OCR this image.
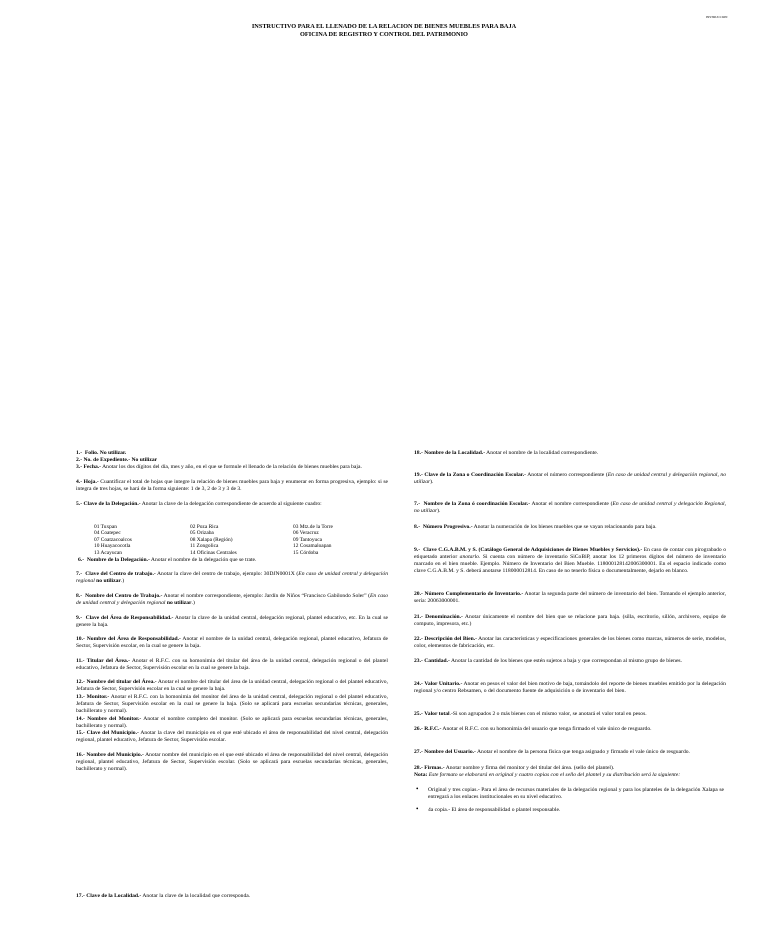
INSTRUCCION
INSTRUCTIVO PARA EL LLENADO DE LA RELACION DE BIENES MUEBLES PARA BAJA
OFICINA DE REGISTRO Y CONTROL DEL PATRIMONIO
1.- Folio. No utilizar.
2.- No. de Expediente.- No utilizar
3.- Fecha.- Anotar los dos dígitos del día, mes y año, en el que se formule el llenado de la relación de bienes muebles para baja.
4.- Hoja.- Cuantificar el total de hojas que integre la relación de bienes muebles para baja y enumerar en forma progresiva, ejemplo: si se integra de tres hojas, se hará de la forma siguiente: 1 de 3, 2 de 3 y 3 de 3.
5.- Clave de la Delegación.- Anotar la clave de la delegación correspondiente de acuerdo al siguiente cuadro:
01 Tuxpan
04 Coatepec
07 Coatzacoalcos
10 Huayacocotla
13 Acayucan
02 Poza Rica
05 Orizaba
08 Xalapa (Región)
11 Zongolica
14 Oficinas Centrales
03 Mtz.de la Torre
06 Veracruz
09 Tantoyuca
12 Cosamaloapan
15 Córdoba
6.- Nombre de la Delegación.- Anotar el nombre de la delegación que se trate.
7.- Clave del Centro de trabajo.- Anotar la clave del centro de trabajo, ejemplo: 30DJN0001X (En caso de unidad central y delegación regional no utilizar.)
8.- Nombre del Centro de Trabajo.- Anotar el nombre correspondiente, ejemplo: Jardín de Niños “Francisco Gabilondo Soler” (En caso de unidad central y delegación regional no utilizar.)
9.- Clave del Área de Responsabilidad.- Anotar la clave de la unidad central, delegación regional, plantel educativo, etc. En la cual se genere la baja.
10.- Nombre del Área de Responsabilidad.- Anotar el nombre de la unidad central, delegación regional, plantel educativo, Jefatura de Sector, Supervisión escolar, en la cual se genere la baja.
11.- Titular del Área.- Anotar el R.F.C. con su homonimia del titular del área de la unidad central, delegación regional o del plantel educativo, Jefatura de Sector, Supervisión escolar en la cual se genere la baja.
12.- Nombre del titular del Área.- Anotar el nombre del titular del área de la unidad central, delegación regional o del plantel educativo, Jefatura de Sector, Supervisión escolar en la cual se genere la baja.
13.- Monitor.- Anotar el R.F.C. con la homonimia del monitor del área de la unidad central, delegación regional o del plantel educativo, Jefatura de Sector, Supervisión escolar en la cual se genere la baja. (Solo se aplicará para escuelas secundarias técnicas, generales, bachillerato y normal).
14.- Nombre del Monitor.- Anotar el nombre completo del monitor. (Solo se aplicará para escuelas secundarias técnicas, generales, bachillerato y normal).
15.- Clave del Municipio.- Anotar la clave del municipio en el que esté ubicado el área de responsabilidad del nivel central, delegación regional, plantel educativo, Jefatura de Sector, Supervisión escolar.
16.- Nombre del Municipio.- Anotar nombre del municipio en el que esté ubicado el área de responsabilidad del nivel central, delegación regional, plantel educativo, Jefatura de Sector, Supervisión escolar. (Solo se aplicará para escuelas secundarias técnicas, generales, bachillerato y normal).
17.- Clave de la Localidad.- Anotar la clave de la localidad que corresponda.
18.- Nombre de la Localidad.- Anotar el nombre de la localidad correspondiente.
19.- Clave de la Zona o Coordinación Escolar.- Anotar el número correspondiente (En caso de unidad central y delegación regional, no utilizar).
7.- Nombre de la Zona ó coordinación Escolar.- Anotar el nombre correspondiente (En caso de unidad central y delegación Regional, no utilizar).
8.- Número Progresivo.- Anotar la numeración de los bienes muebles que se vayan relacionando para baja.
9.- Clave C.G.A.B.M. y S. (Catálogo General de Adquisiciones de Bienes Muebles y Servicios).- En caso de contar con pirograbado o etiquetado anterior anotarlo. Si cuenta con número de inventario SiCoBiP, anotar los 12 primeros dígitos del número de inventario marcado en el bien mueble. Ejemplo. Número de Inventario del Bien Mueble. 118000128142006300001. En el espacio indicado como clave C.G.A.B.M. y S. deberá anotarse 118000012814. En caso de no tenerlo física o documentalmente, dejarlo en blanco.
20.- Número Complementario de Inventario.- Anotar la segunda parte del número de inventario del bien. Tomando el ejemplo anterior, sería: 20063000001.
21.- Denominación.- Anotar únicamente el nombre del bien que se relacione para baja. (silla, escritorio, sillón, archivero, equipo de computo, impresora, etc.)
22.- Descripción del Bien.- Anotar las características y especificaciones generales de los bienes como marcas, números de serie, modelos, color, elementos de fabricación, etc.
23.- Cantidad.- Anotar la cantidad de los bienes que estén sujetos a baja y que correspondan al mismo grupo de bienes.
24.- Valor Unitario.- Anotar en pesos el valor del bien motivo de baja, tomándolo del reporte de bienes muebles emitido por la delegación regional y/o centro Rebsamen, o del documento fuente de adquisición o de inventario del bien.
25.- Valor total.-Si son agrupados 2 o más bienes con el mismo valor, se anotará el valor total en pesos.
26.- R.F.C.- Anotar el R.F.C. con su homonimia del usuario que tenga firmado el vale único de resguardo.
27.- Nombre del Usuario.- Anotar el nombre de la persona física que tenga asignado y firmado el vale único de resguardo.
28.- Firmas.- Anotar nombre y firma del monitor y del titular del área. (sello del plantel).
Nota: Este formato se elaborará en original y cuatro copias con el sello del plantel y su distribución será la siguiente:
• Original y tres copias.- Para el área de recursos materiales de la delegación regional y para los planteles de la delegación Xalapa se entregará a los enlaces institucionales en su nivel educativo.
• 4a copia.- El área de responsabilidad o plantel responsable.
